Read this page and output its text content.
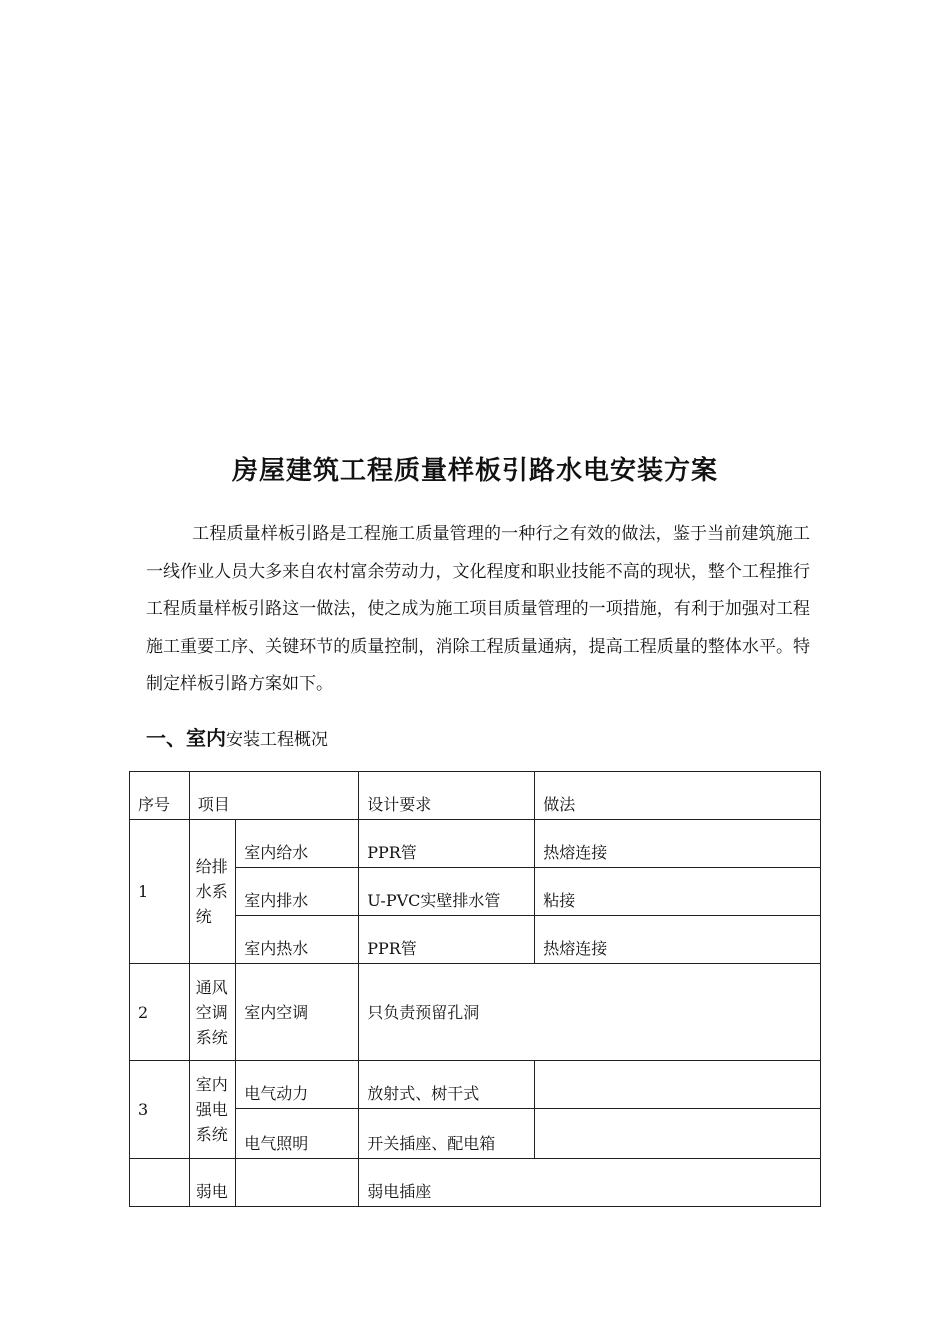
房屋建筑工程质量样板引路水电安装方案
工程质量样板引路是工程施工质量管理的一种行之有效的做法，鉴于当前建筑施工一线作业人员大多来自农村富余劳动力，文化程度和职业技能不高的现状，整个工程推行工程质量样板引路这一做法，使之成为施工项目质量管理的一项措施，有利于加强对工程施工重要工序、关键环节的质量控制，消除工程质量通病，提高工程质量的整体水平。特制定样板引路方案如下。
一、室内安装工程概况
序号	项目		设计要求	做法
1	给排水系统	室内给水	PPR管	热熔连接
		室内排水	U-PVC实壁排水管	粘接
		室内热水	PPR管	热熔连接
2	通风空调系统	室内空调	只负责预留孔洞	
3	室内强电系统	电气动力	放射式、树干式	
		电气照明	开关插座、配电箱	
	弱电		弱电插座	
